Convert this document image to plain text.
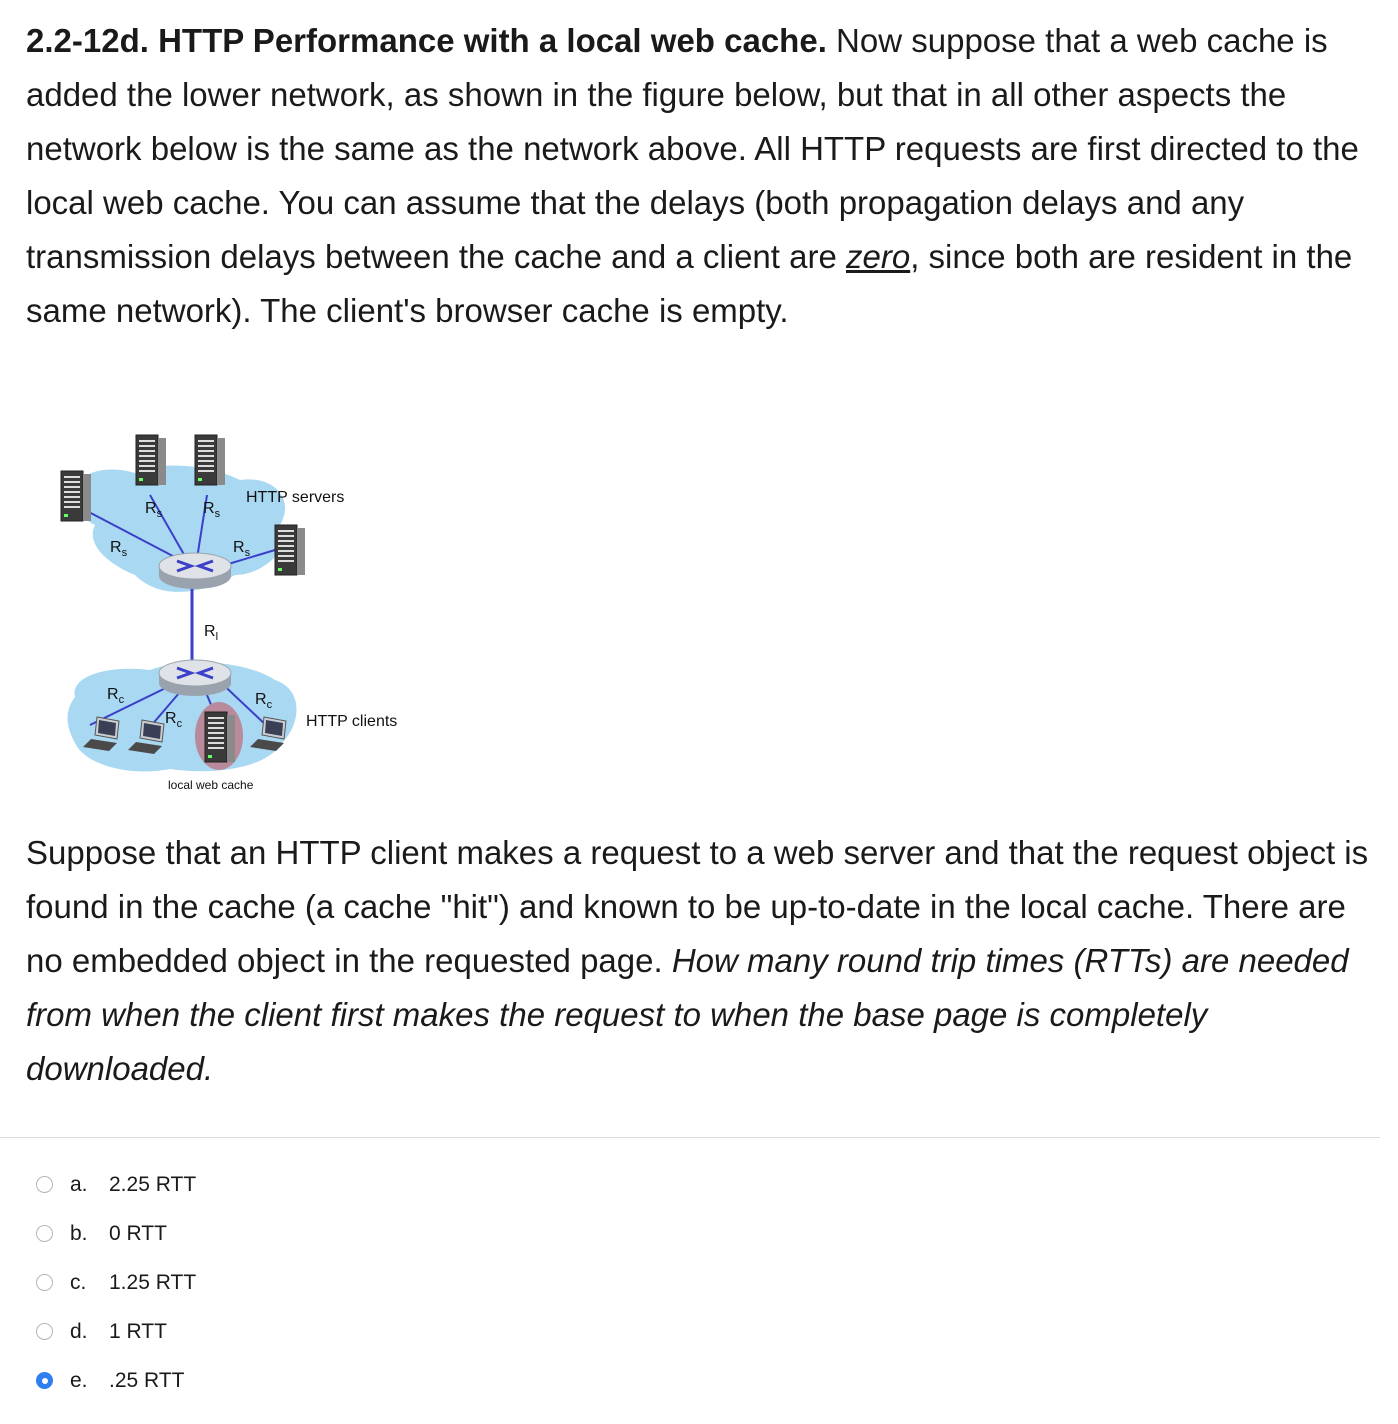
2.2-12d. HTTP Performance with a local web cache. Now suppose that a web cache is added the lower network, as shown in the figure below, but that in all other aspects the network below is the same as the network above. All HTTP requests are first directed to the local web cache. You can assume that the delays (both propagation delays and any transmission delays between the cache and a client are zero, since both are resident in the same network). The client's browser cache is empty.
HTTP servers
HTTP clients
local web cache
$R_s$	$R_s$
$R_s$	$R_s$
$R_l$
$R_c$	$R_c$
$R_c$
Suppose that an HTTP client makes a request to a web server and that the request object is found in the cache (a cache "hit") and known to be up-to-date in the local cache. There are no embedded object in the requested page. How many round trip times (RTTs) are needed from when the client first makes the request to when the base page is completely downloaded.
a.	2.25 RTT
b.	0 RTT
c.	1.25 RTT
d.	1 RTT
e.	.25 RTT
